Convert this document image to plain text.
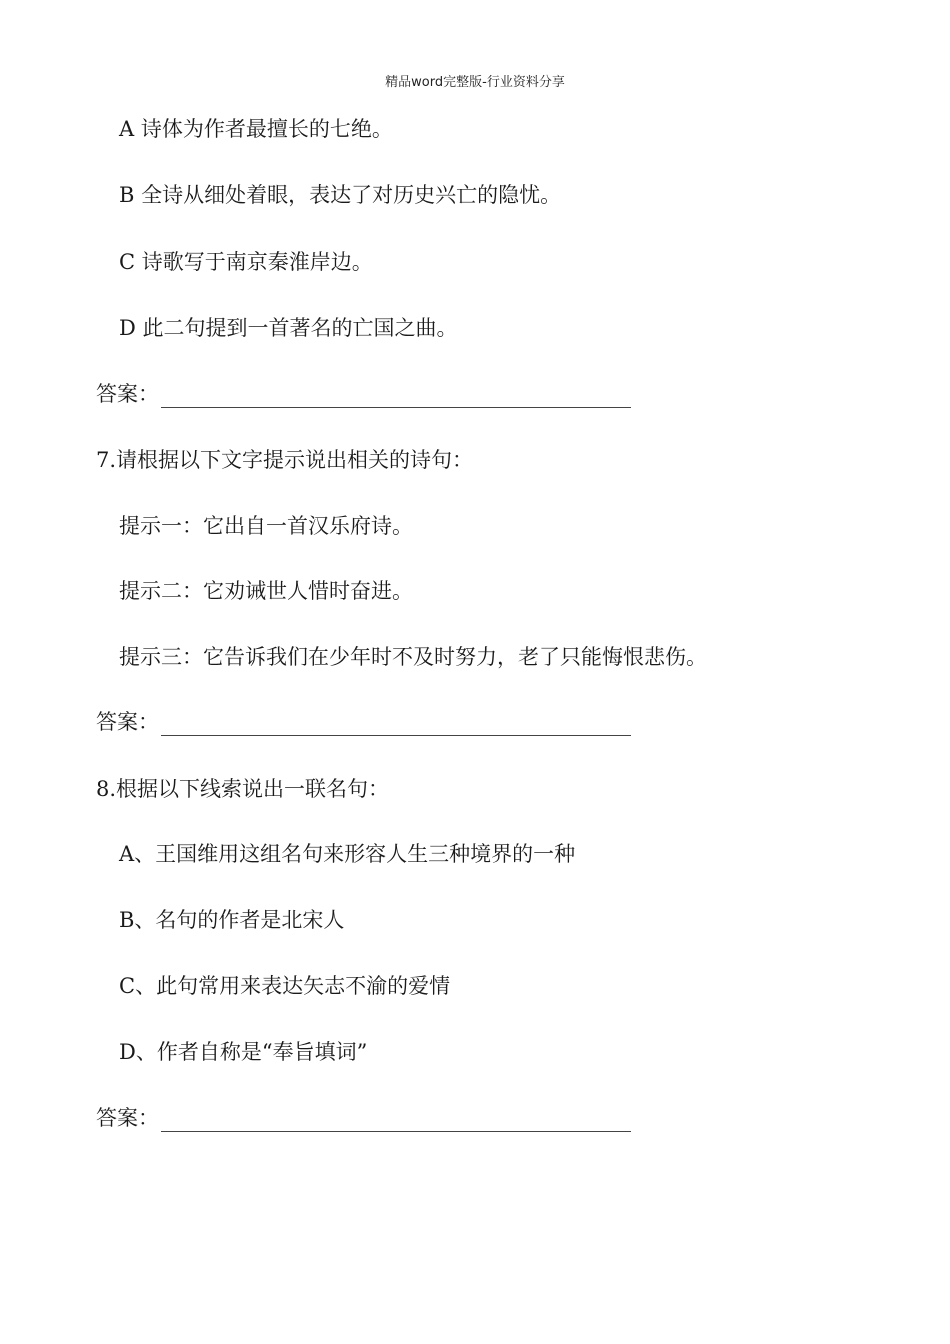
精品word完整版-行业资料分享
A 诗体为作者最擅长的七绝。
B 全诗从细处着眼，表达了对历史兴亡的隐忧。
C 诗歌写于南京秦淮岸边。
D 此二句提到一首著名的亡国之曲。
答案：
7.请根据以下文字提示说出相关的诗句：
提示一：它出自一首汉乐府诗。
提示二：它劝诫世人惜时奋进。
提示三：它告诉我们在少年时不及时努力，老了只能悔恨悲伤。
答案：
8.根据以下线索说出一联名句：
A、王国维用这组名句来形容人生三种境界的一种
B、名句的作者是北宋人
C、此句常用来表达矢志不渝的爱情
D、作者自称是“奉旨填词”
答案：
